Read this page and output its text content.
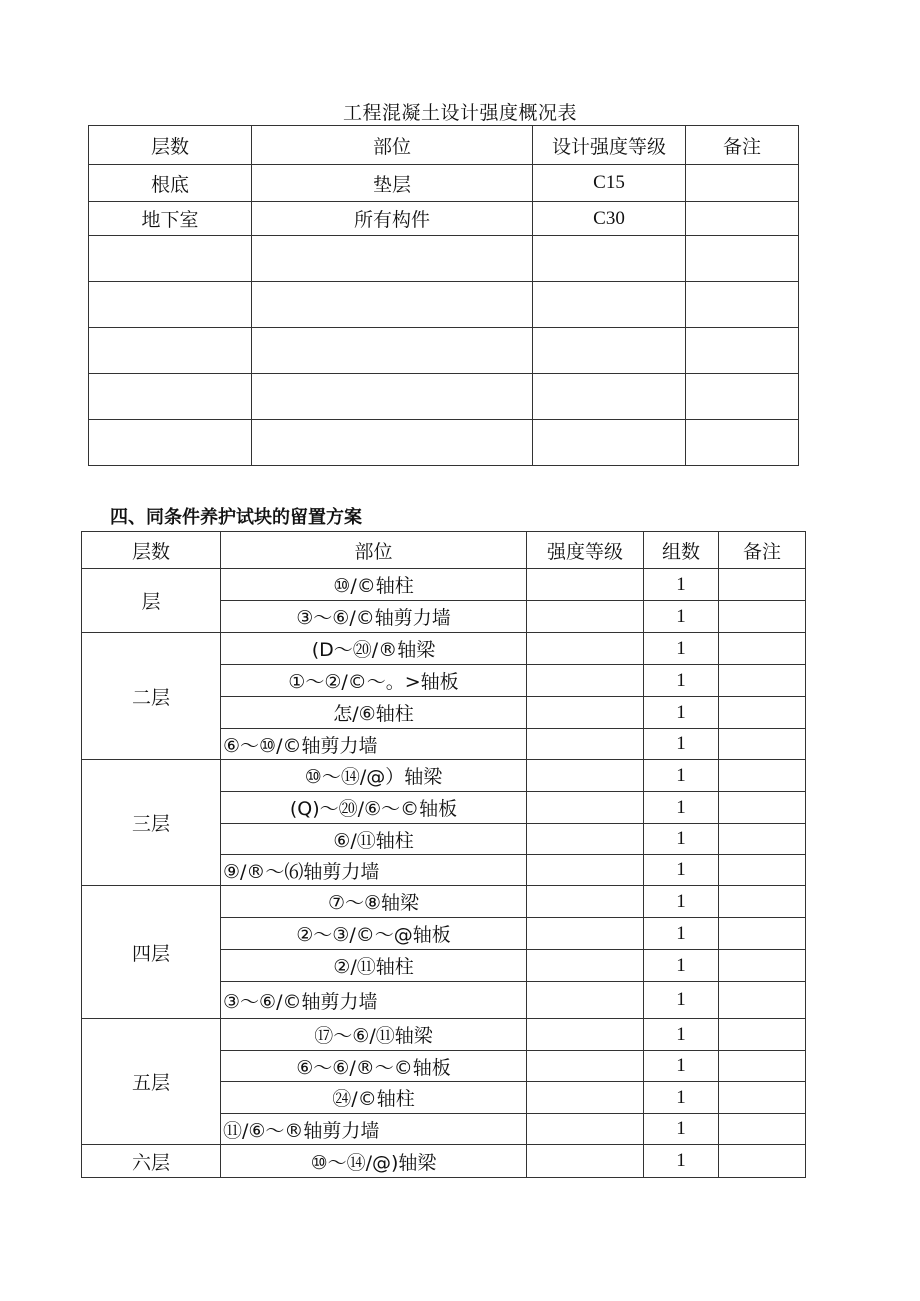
工程混凝土设计强度概况表
层数	部位	设计强度等级	备注
根底	垫层	C15	
地下室	所有构件	C30	

四、同条件养护试块的留置方案
层数	部位	强度等级	组数	备注
层	⑩/©轴柱		1	
	③〜⑥/©轴剪力墙		1	
二层	(D〜⑳/®轴梁		1	
	①〜②/©〜。>轴板		1	
	怎/⑥轴柱		1	
	⑥〜⑩/©轴剪力墙		1	
三层	⑩〜⑭/@）轴梁		1	
	(Q)〜⑳/⑥〜©轴板		1	
	⑥/⑪轴柱		1	
	⑨/®〜⑹轴剪力墙		1	
四层	⑦〜⑧轴梁		1	
	②〜③/©〜@轴板		1	
	②/⑪轴柱		1	
	③〜⑥/©轴剪力墙		1	
五层	⑰〜⑥/⑪轴梁		1	
	⑥〜⑥/®〜©轴板		1	
	㉔/©轴柱		1	
	⑪/⑥〜®轴剪力墙		1	
六层	⑩〜⑭/@)轴梁		1	
